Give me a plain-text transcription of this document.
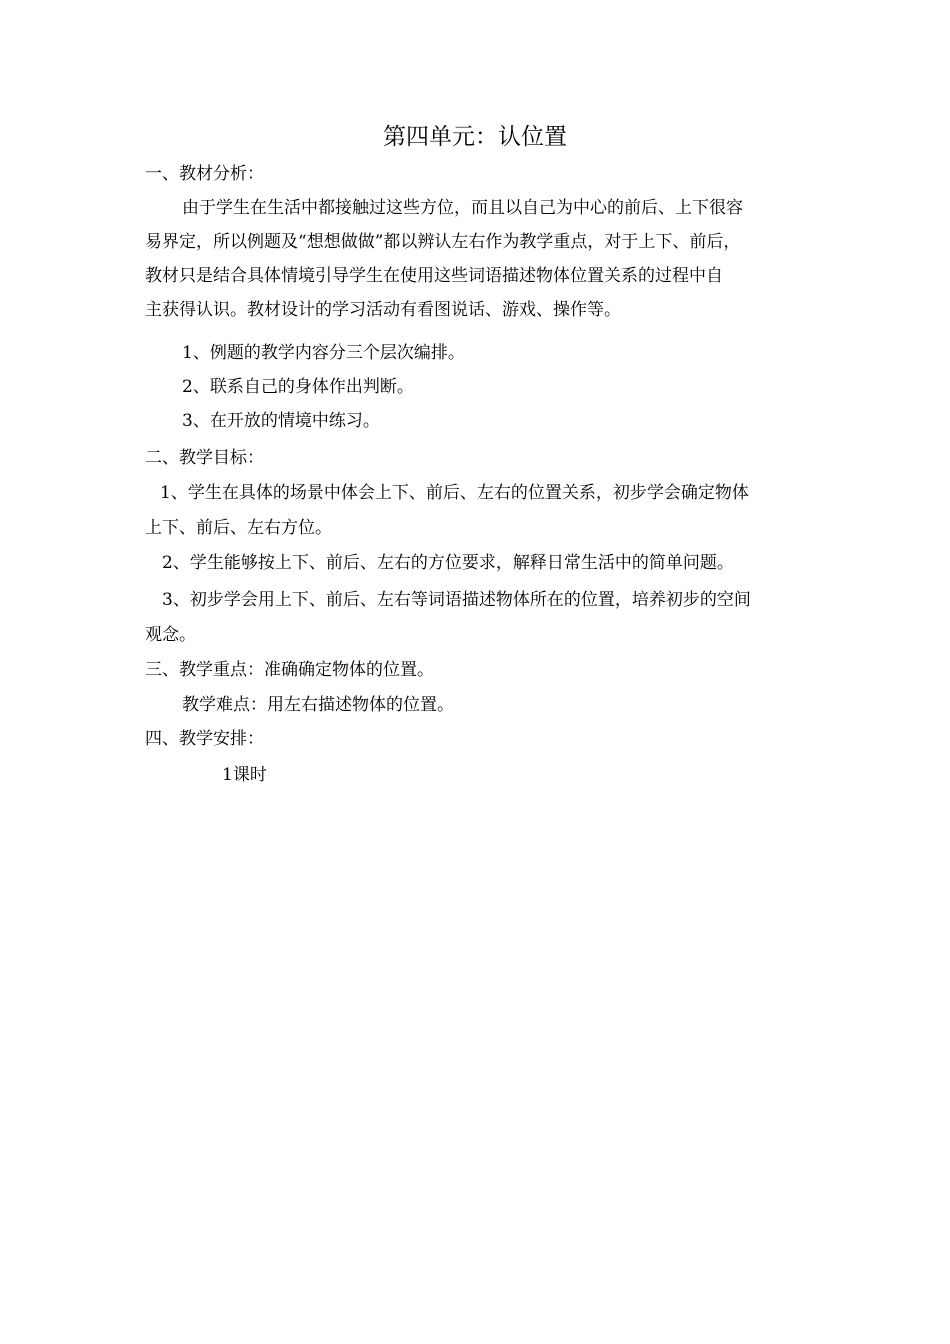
第四单元：认位置
一、教材分析：
由于学生在生活中都接触过这些方位，而且以自己为中心的前后、上下很容
易界定，所以例题及“想想做做”都以辨认左右作为教学重点，对于上下、前后，
教材只是结合具体情境引导学生在使用这些词语描述物体位置关系的过程中自
主获得认识。教材设计的学习活动有看图说话、游戏、操作等。
1、例题的教学内容分三个层次编排。
2、联系自己的身体作出判断。
3、在开放的情境中练习。
二、教学目标：
1、学生在具体的场景中体会上下、前后、左右的位置关系，初步学会确定物体
上下、前后、左右方位。
2、学生能够按上下、前后、左右的方位要求，解释日常生活中的简单问题。
3、初步学会用上下、前后、左右等词语描述物体所在的位置，培养初步的空间
观念。
三、教学重点：准确确定物体的位置。
教学难点：用左右描述物体的位置。
四、教学安排：
1课时
